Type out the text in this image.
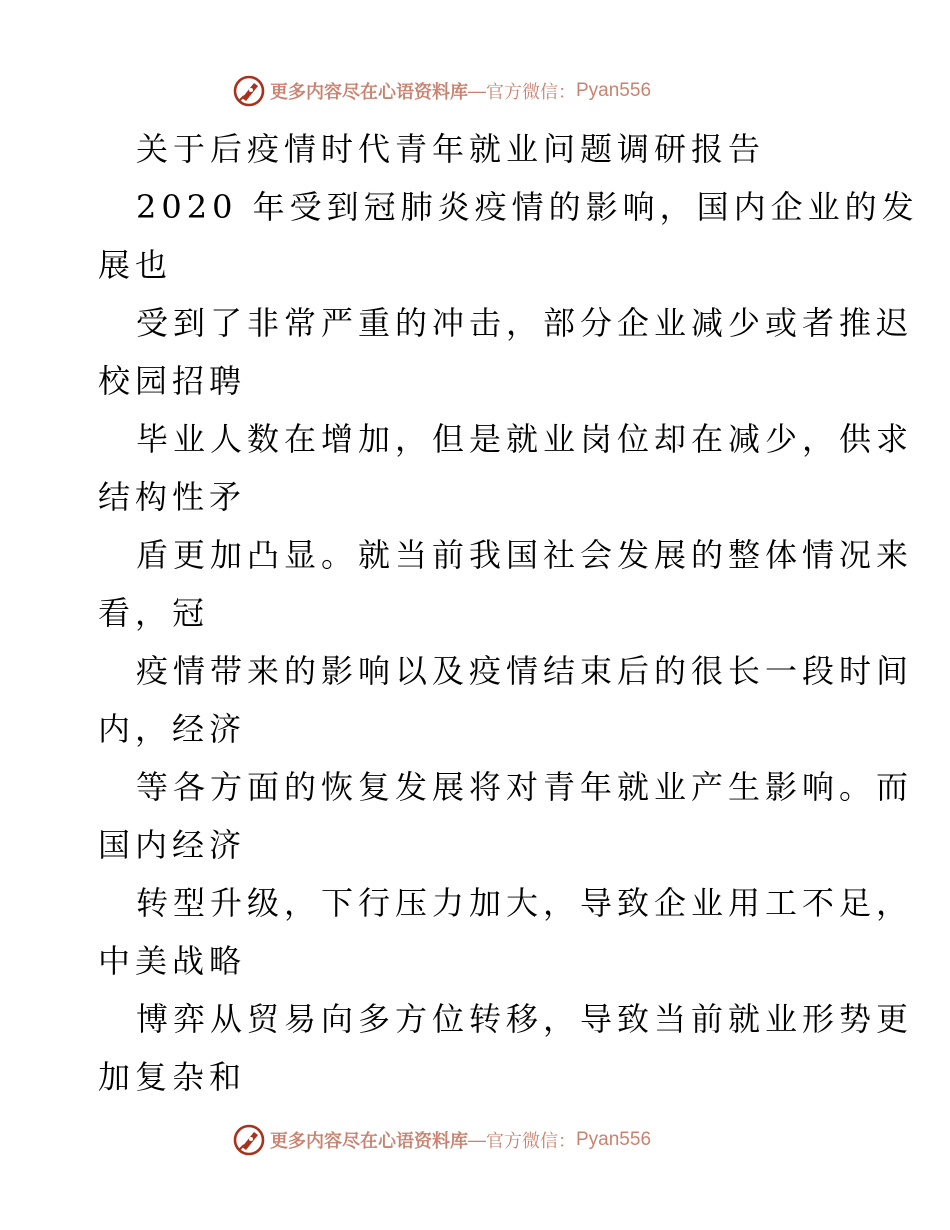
更多内容尽在心语资料库 — 官方微信： Pyan556
关于后疫情时代青年就业问题调研报告
2020 年受到冠肺炎疫情的影响，国内企业的发
展也
受到了非常严重的冲击，部分企业减少或者推迟
校园招聘
毕业人数在增加，但是就业岗位却在减少，供求
结构性矛
盾更加凸显。就当前我国社会发展的整体情况来
看，冠
疫情带来的影响以及疫情结束后的很长一段时间
内，经济
等各方面的恢复发展将对青年就业产生影响。而
国内经济
转型升级，下行压力加大，导致企业用工不足，
中美战略
博弈从贸易向多方位转移，导致当前就业形势更
加复杂和
更多内容尽在心语资料库 — 官方微信： Pyan556
